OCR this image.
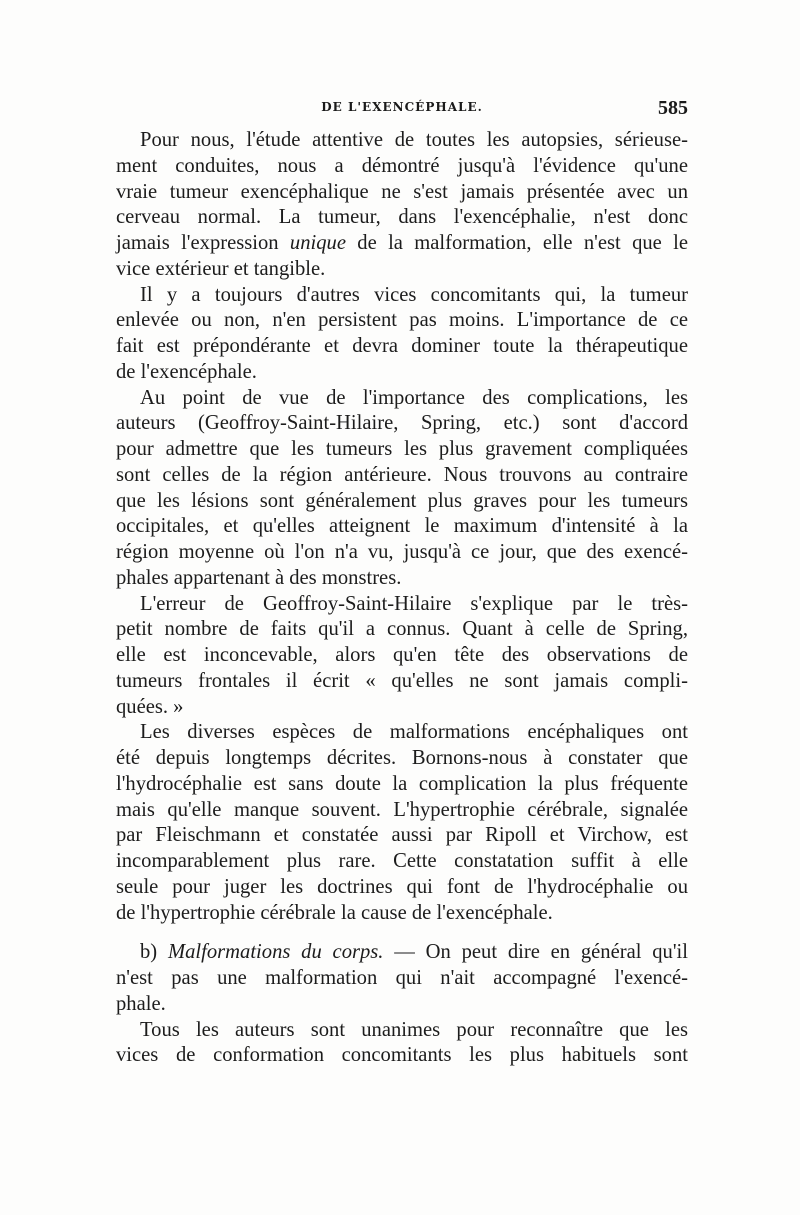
DE L'EXENCÉPHALE.	585
Pour nous, l'étude attentive de toutes les autopsies, sérieuse-
ment conduites, nous a démontré jusqu'à l'évidence qu'une
vraie tumeur exencéphalique ne s'est jamais présentée avec un
cerveau normal. La tumeur, dans l'exencéphalie, n'est donc
jamais l'expression unique de la malformation, elle n'est que le
vice extérieur et tangible.
Il y a toujours d'autres vices concomitants qui, la tumeur
enlevée ou non, n'en persistent pas moins. L'importance de ce
fait est prépondérante et devra dominer toute la thérapeutique
de l'exencéphale.
Au point de vue de l'importance des complications, les
auteurs (Geoffroy-Saint-Hilaire, Spring, etc.) sont d'accord
pour admettre que les tumeurs les plus gravement compliquées
sont celles de la région antérieure. Nous trouvons au contraire
que les lésions sont généralement plus graves pour les tumeurs
occipitales, et qu'elles atteignent le maximum d'intensité à la
région moyenne où l'on n'a vu, jusqu'à ce jour, que des exencé-
phales appartenant à des monstres.
L'erreur de Geoffroy-Saint-Hilaire s'explique par le très-
petit nombre de faits qu'il a connus. Quant à celle de Spring,
elle est inconcevable, alors qu'en tête des observations de
tumeurs frontales il écrit « qu'elles ne sont jamais compli-
quées. »
Les diverses espèces de malformations encéphaliques ont
été depuis longtemps décrites. Bornons-nous à constater que
l'hydrocéphalie est sans doute la complication la plus fréquente
mais qu'elle manque souvent. L'hypertrophie cérébrale, signalée
par Fleischmann et constatée aussi par Ripoll et Virchow, est
incomparablement plus rare. Cette constatation suffit à elle
seule pour juger les doctrines qui font de l'hydrocéphalie ou
de l'hypertrophie cérébrale la cause de l'exencéphale.
b) Malformations du corps. — On peut dire en général qu'il
n'est pas une malformation qui n'ait accompagné l'exencé-
phale.
Tous les auteurs sont unanimes pour reconnaître que les
vices de conformation concomitants les plus habituels sont
